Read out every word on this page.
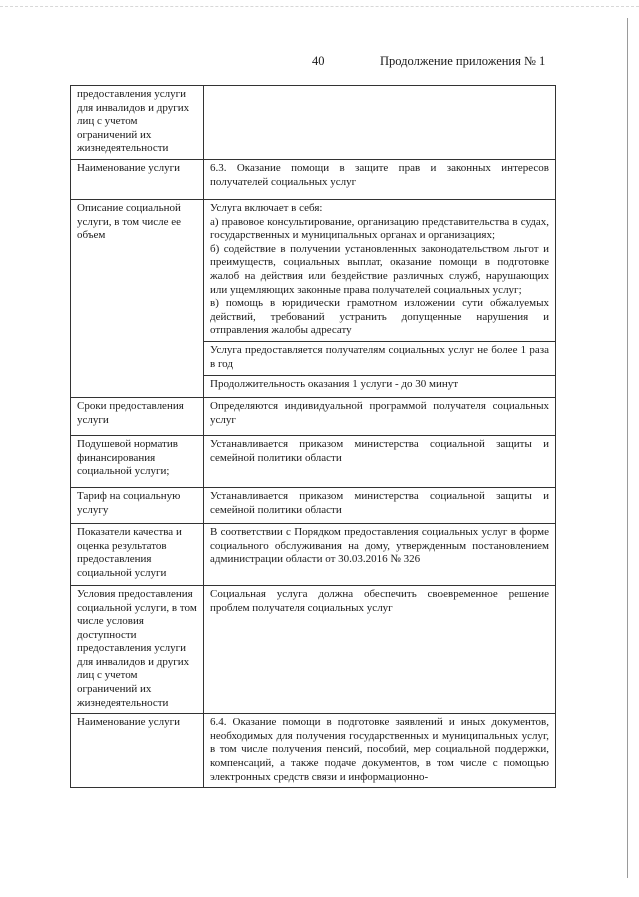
40	Продолжение приложения № 1
предоставления услуги для инвалидов и других лиц с учетом ограничений их жизнедеятельности	
Наименование услуги	6.3. Оказание помощи в защите прав и законных интересов получателей социальных услуг
Описание социальной услуги, в том числе ее объем	Услуга включает в себя:
а) правовое консультирование, организацию представительства в судах, государственных и муниципальных органах и организациях;
б) содействие в получении установленных законодательством льгот и преимуществ, социальных выплат, оказание помощи в подготовке жалоб на действия или бездействие различных служб, нарушающих или ущемляющих законные права получателей социальных услуг;
в) помощь в юридически грамотном изложении сути обжалуемых действий, требований устранить допущенные нарушения и отправления жалобы адресату

	Услуга предоставляется получателям социальных услуг не более 1 раза в год
	Продолжительность оказания 1 услуги - до 30 минут
Сроки предоставления услуги	Определяются индивидуальной программой получателя социальных услуг
Подушевой норматив финансирования социальной услуги;	Устанавливается приказом министерства социальной защиты и семейной политики области
Тариф на социальную услугу	Устанавливается приказом министерства социальной защиты и семейной политики области
Показатели качества и оценка результатов предоставления социальной услуги	В соответствии с Порядком предоставления социальных услуг в форме социального обслуживания на дому, утвержденным постановлением администрации области от 30.03.2016 № 326
Условия предоставления социальной услуги, в том числе условия доступности предоставления услуги для инвалидов и других лиц с учетом ограничений их жизнедеятельности	Социальная услуга должна обеспечить своевременное решение проблем получателя социальных услуг
Наименование услуги	6.4. Оказание помощи в подготовке заявлений и иных документов, необходимых для получения государственных и муниципальных услуг, в том числе получения пенсий, пособий, мер социальной поддержки, компенсаций, а также подаче документов, в том числе с помощью электронных средств связи и информационно-
